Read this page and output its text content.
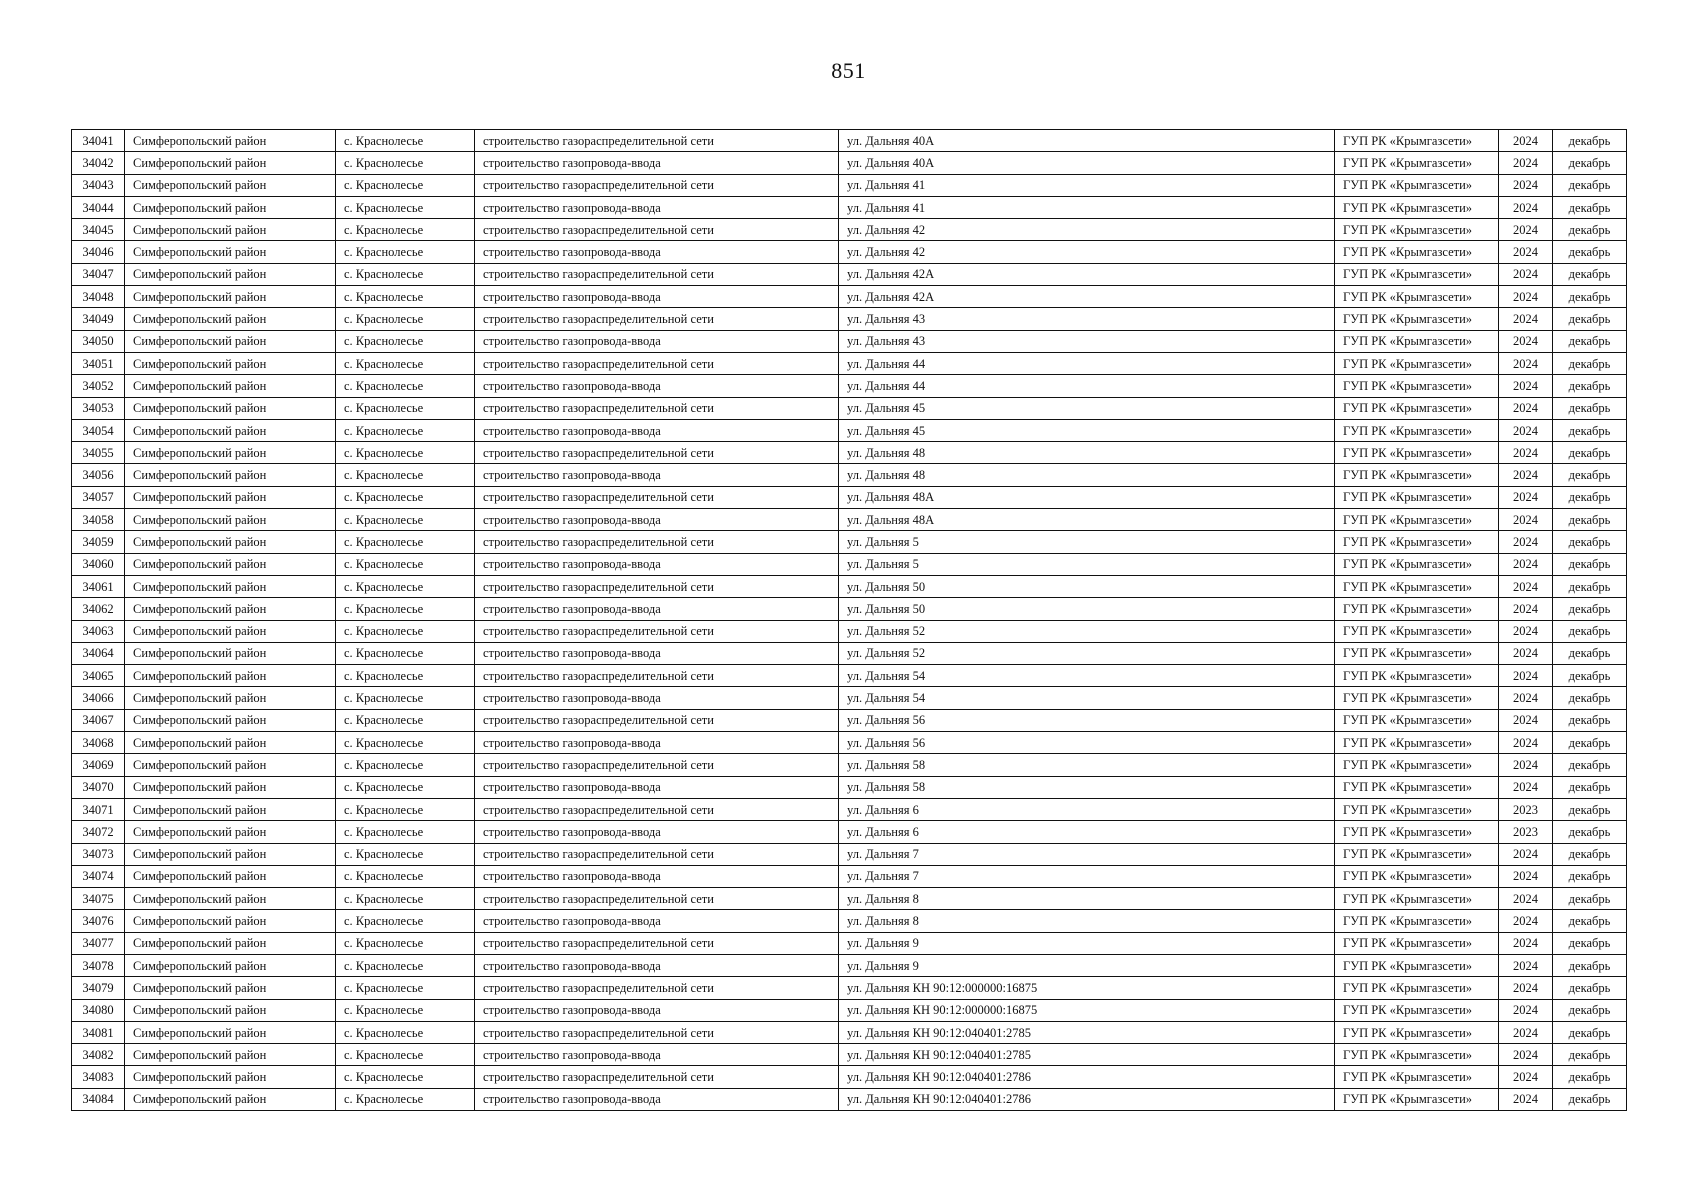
851
34041	Симферопольский район	с. Краснолесье	строительство газораспределительной сети	ул. Дальняя 40А	ГУП РК «Крымгазсети»	2024	декабрь
34042	Симферопольский район	с. Краснолесье	строительство газопровода-ввода	ул. Дальняя 40А	ГУП РК «Крымгазсети»	2024	декабрь
34043	Симферопольский район	с. Краснолесье	строительство газораспределительной сети	ул. Дальняя 41	ГУП РК «Крымгазсети»	2024	декабрь
34044	Симферопольский район	с. Краснолесье	строительство газопровода-ввода	ул. Дальняя 41	ГУП РК «Крымгазсети»	2024	декабрь
34045	Симферопольский район	с. Краснолесье	строительство газораспределительной сети	ул. Дальняя 42	ГУП РК «Крымгазсети»	2024	декабрь
34046	Симферопольский район	с. Краснолесье	строительство газопровода-ввода	ул. Дальняя 42	ГУП РК «Крымгазсети»	2024	декабрь
34047	Симферопольский район	с. Краснолесье	строительство газораспределительной сети	ул. Дальняя 42А	ГУП РК «Крымгазсети»	2024	декабрь
34048	Симферопольский район	с. Краснолесье	строительство газопровода-ввода	ул. Дальняя 42А	ГУП РК «Крымгазсети»	2024	декабрь
34049	Симферопольский район	с. Краснолесье	строительство газораспределительной сети	ул. Дальняя 43	ГУП РК «Крымгазсети»	2024	декабрь
34050	Симферопольский район	с. Краснолесье	строительство газопровода-ввода	ул. Дальняя 43	ГУП РК «Крымгазсети»	2024	декабрь
34051	Симферопольский район	с. Краснолесье	строительство газораспределительной сети	ул. Дальняя 44	ГУП РК «Крымгазсети»	2024	декабрь
34052	Симферопольский район	с. Краснолесье	строительство газопровода-ввода	ул. Дальняя 44	ГУП РК «Крымгазсети»	2024	декабрь
34053	Симферопольский район	с. Краснолесье	строительство газораспределительной сети	ул. Дальняя 45	ГУП РК «Крымгазсети»	2024	декабрь
34054	Симферопольский район	с. Краснолесье	строительство газопровода-ввода	ул. Дальняя 45	ГУП РК «Крымгазсети»	2024	декабрь
34055	Симферопольский район	с. Краснолесье	строительство газораспределительной сети	ул. Дальняя 48	ГУП РК «Крымгазсети»	2024	декабрь
34056	Симферопольский район	с. Краснолесье	строительство газопровода-ввода	ул. Дальняя 48	ГУП РК «Крымгазсети»	2024	декабрь
34057	Симферопольский район	с. Краснолесье	строительство газораспределительной сети	ул. Дальняя 48А	ГУП РК «Крымгазсети»	2024	декабрь
34058	Симферопольский район	с. Краснолесье	строительство газопровода-ввода	ул. Дальняя 48А	ГУП РК «Крымгазсети»	2024	декабрь
34059	Симферопольский район	с. Краснолесье	строительство газораспределительной сети	ул. Дальняя 5	ГУП РК «Крымгазсети»	2024	декабрь
34060	Симферопольский район	с. Краснолесье	строительство газопровода-ввода	ул. Дальняя 5	ГУП РК «Крымгазсети»	2024	декабрь
34061	Симферопольский район	с. Краснолесье	строительство газораспределительной сети	ул. Дальняя 50	ГУП РК «Крымгазсети»	2024	декабрь
34062	Симферопольский район	с. Краснолесье	строительство газопровода-ввода	ул. Дальняя 50	ГУП РК «Крымгазсети»	2024	декабрь
34063	Симферопольский район	с. Краснолесье	строительство газораспределительной сети	ул. Дальняя 52	ГУП РК «Крымгазсети»	2024	декабрь
34064	Симферопольский район	с. Краснолесье	строительство газопровода-ввода	ул. Дальняя 52	ГУП РК «Крымгазсети»	2024	декабрь
34065	Симферопольский район	с. Краснолесье	строительство газораспределительной сети	ул. Дальняя 54	ГУП РК «Крымгазсети»	2024	декабрь
34066	Симферопольский район	с. Краснолесье	строительство газопровода-ввода	ул. Дальняя 54	ГУП РК «Крымгазсети»	2024	декабрь
34067	Симферопольский район	с. Краснолесье	строительство газораспределительной сети	ул. Дальняя 56	ГУП РК «Крымгазсети»	2024	декабрь
34068	Симферопольский район	с. Краснолесье	строительство газопровода-ввода	ул. Дальняя 56	ГУП РК «Крымгазсети»	2024	декабрь
34069	Симферопольский район	с. Краснолесье	строительство газораспределительной сети	ул. Дальняя 58	ГУП РК «Крымгазсети»	2024	декабрь
34070	Симферопольский район	с. Краснолесье	строительство газопровода-ввода	ул. Дальняя 58	ГУП РК «Крымгазсети»	2024	декабрь
34071	Симферопольский район	с. Краснолесье	строительство газораспределительной сети	ул. Дальняя 6	ГУП РК «Крымгазсети»	2023	декабрь
34072	Симферопольский район	с. Краснолесье	строительство газопровода-ввода	ул. Дальняя 6	ГУП РК «Крымгазсети»	2023	декабрь
34073	Симферопольский район	с. Краснолесье	строительство газораспределительной сети	ул. Дальняя 7	ГУП РК «Крымгазсети»	2024	декабрь
34074	Симферопольский район	с. Краснолесье	строительство газопровода-ввода	ул. Дальняя 7	ГУП РК «Крымгазсети»	2024	декабрь
34075	Симферопольский район	с. Краснолесье	строительство газораспределительной сети	ул. Дальняя 8	ГУП РК «Крымгазсети»	2024	декабрь
34076	Симферопольский район	с. Краснолесье	строительство газопровода-ввода	ул. Дальняя 8	ГУП РК «Крымгазсети»	2024	декабрь
34077	Симферопольский район	с. Краснолесье	строительство газораспределительной сети	ул. Дальняя 9	ГУП РК «Крымгазсети»	2024	декабрь
34078	Симферопольский район	с. Краснолесье	строительство газопровода-ввода	ул. Дальняя 9	ГУП РК «Крымгазсети»	2024	декабрь
34079	Симферопольский район	с. Краснолесье	строительство газораспределительной сети	ул. Дальняя КН 90:12:000000:16875	ГУП РК «Крымгазсети»	2024	декабрь
34080	Симферопольский район	с. Краснолесье	строительство газопровода-ввода	ул. Дальняя КН 90:12:000000:16875	ГУП РК «Крымгазсети»	2024	декабрь
34081	Симферопольский район	с. Краснолесье	строительство газораспределительной сети	ул. Дальняя КН 90:12:040401:2785	ГУП РК «Крымгазсети»	2024	декабрь
34082	Симферопольский район	с. Краснолесье	строительство газопровода-ввода	ул. Дальняя КН 90:12:040401:2785	ГУП РК «Крымгазсети»	2024	декабрь
34083	Симферопольский район	с. Краснолесье	строительство газораспределительной сети	ул. Дальняя КН 90:12:040401:2786	ГУП РК «Крымгазсети»	2024	декабрь
34084	Симферопольский район	с. Краснолесье	строительство газопровода-ввода	ул. Дальняя КН 90:12:040401:2786	ГУП РК «Крымгазсети»	2024	декабрь
